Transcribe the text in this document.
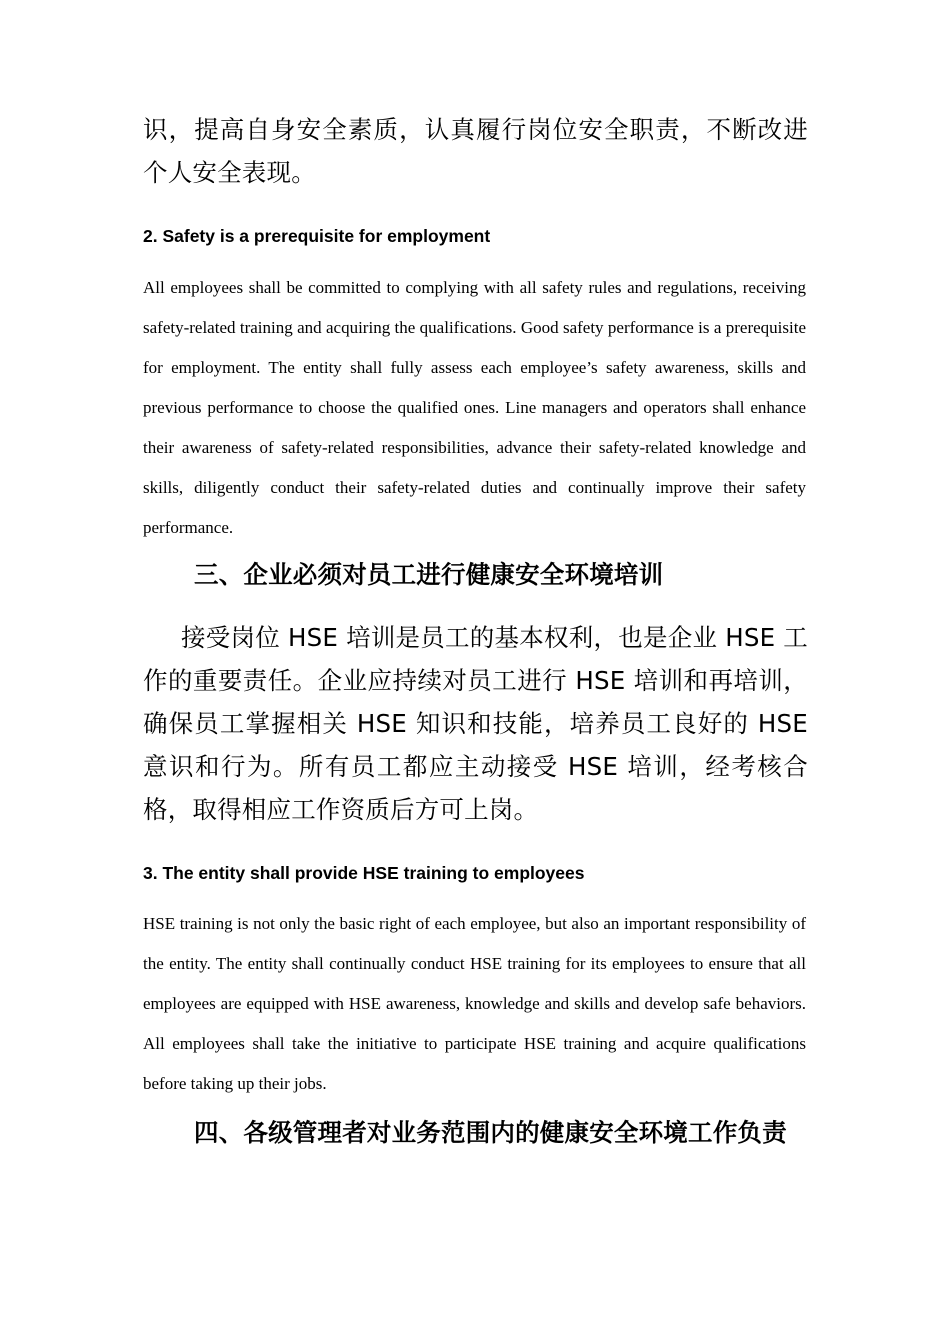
识，提高自身安全素质，认真履行岗位安全职责，不断改进个人安全表现。

2. Safety is a prerequisite for employment

All employees shall be committed to complying with all safety rules and regulations, receiving safety-related training and acquiring the qualifications. Good safety performance is a prerequisite for employment. The entity shall fully assess each employee’s safety awareness, skills and previous performance to choose the qualified ones. Line managers and operators shall enhance their awareness of safety-related responsibilities, advance their safety-related knowledge and skills, diligently conduct their safety-related duties and continually improve their safety performance.

三、企业必须对员工进行健康安全环境培训

接受岗位 HSE 培训是员工的基本权利，也是企业 HSE 工作的重要责任。企业应持续对员工进行 HSE 培训和再培训，确保员工掌握相关 HSE 知识和技能，培养员工良好的 HSE 意识和行为。所有员工都应主动接受 HSE 培训，经考核合格，取得相应工作资质后方可上岗。

3. The entity shall provide HSE training to employees

HSE training is not only the basic right of each employee, but also an important responsibility of the entity. The entity shall continually conduct HSE training for its employees to ensure that all employees are equipped with HSE awareness, knowledge and skills and develop safe behaviors. All employees shall take the initiative to participate HSE training and acquire qualifications before taking up their jobs.

四、各级管理者对业务范围内的健康安全环境工作负责
